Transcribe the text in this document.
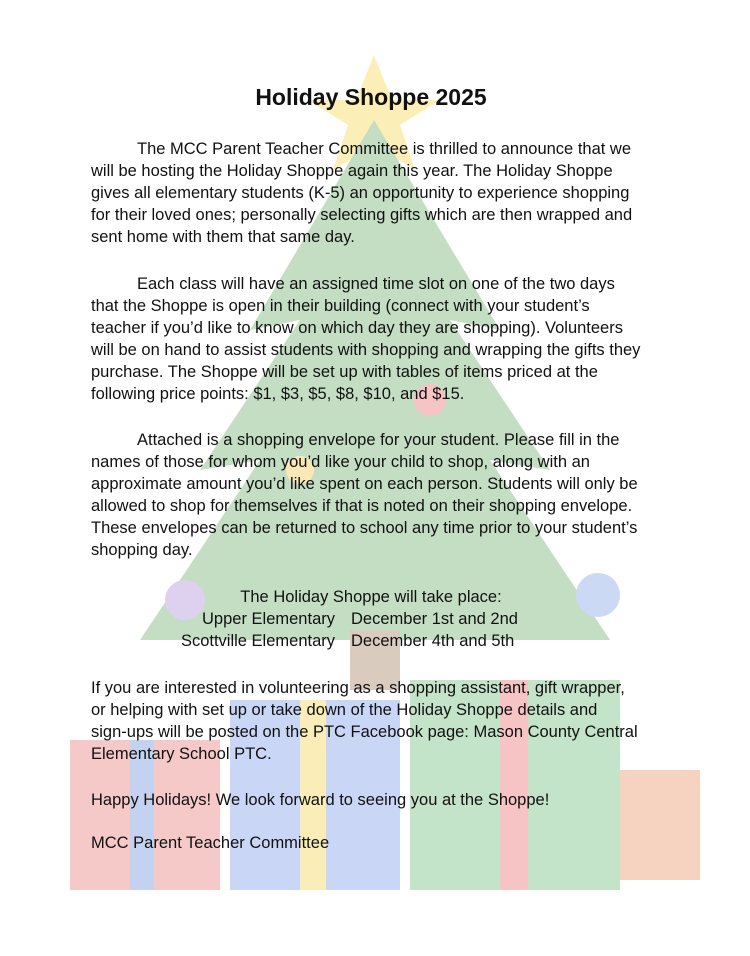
Holiday Shoppe 2025
The MCC Parent Teacher Committee is thrilled to announce that we
will be hosting the Holiday Shoppe again this year. The Holiday Shoppe
gives all elementary students (K-5) an opportunity to experience shopping
for their loved ones; personally selecting gifts which are then wrapped and
sent home with them that same day.
Each class will have an assigned time slot on one of the two days
that the Shoppe is open in their building (connect with your student’s
teacher if you’d like to know on which day they are shopping). Volunteers
will be on hand to assist students with shopping and wrapping the gifts they
purchase. The Shoppe will be set up with tables of items priced at the
following price points: $1, $3, $5, $8, $10, and $15.
Attached is a shopping envelope for your student. Please fill in the
names of those for whom you’d like your child to shop, along with an
approximate amount you’d like spent on each person. Students will only be
allowed to shop for themselves if that is noted on their shopping envelope.
These envelopes can be returned to school any time prior to your student’s
shopping day.
The Holiday Shoppe will take place:
Upper Elementary December 1st and 2nd
Scottville Elementary December 4th and 5th
If you are interested in volunteering as a shopping assistant, gift wrapper,
or helping with set up or take down of the Holiday Shoppe details and
sign-ups will be posted on the PTC Facebook page: Mason County Central
Elementary School PTC.
Happy Holidays! We look forward to seeing you at the Shoppe!
MCC Parent Teacher Committee
